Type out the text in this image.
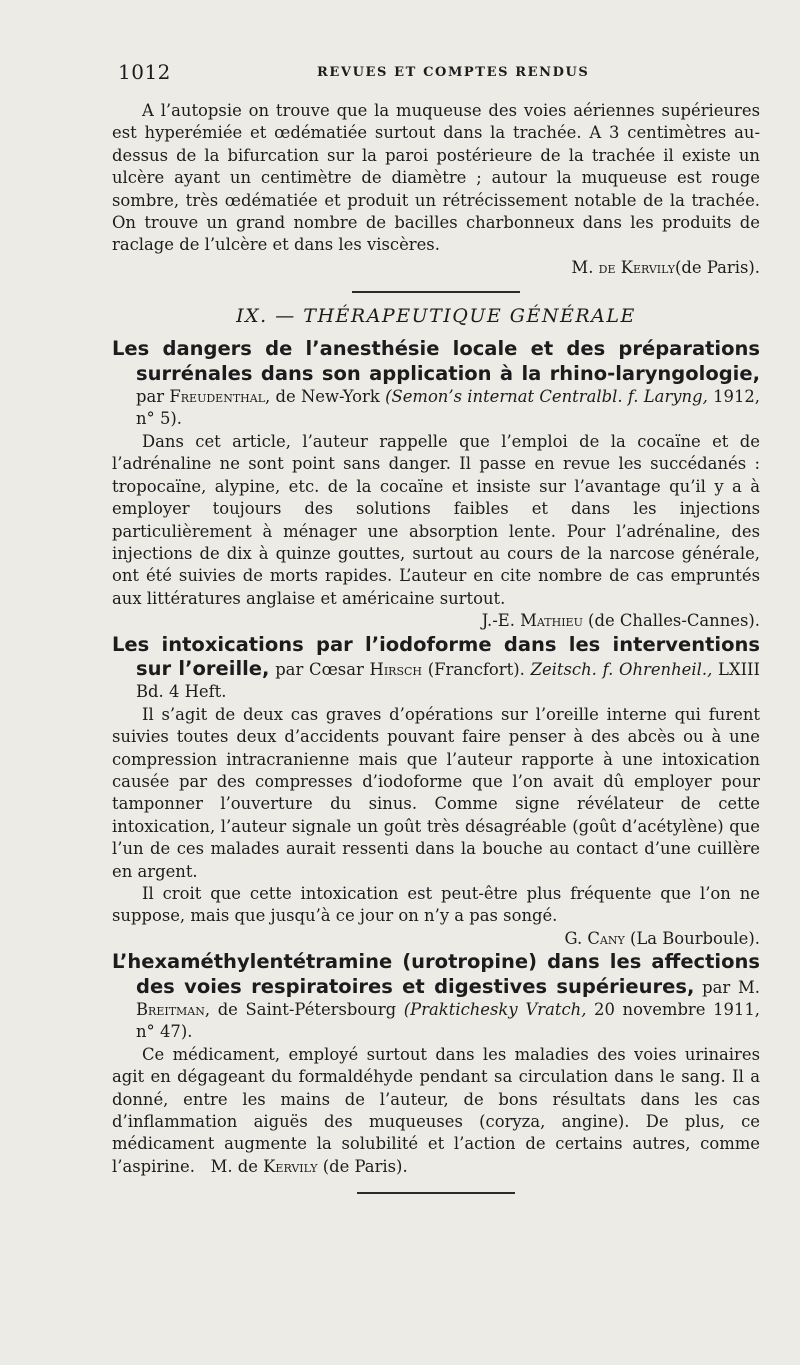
1012	REVUES ET COMPTES RENDUS

A l’autopsie on trouve que la muqueuse des voies aériennes supérieures est hyperémiée et œdématiée surtout dans la trachée. A 3 centimètres au-dessus de la bifurcation sur la paroi postérieure de la trachée il existe un ulcère ayant un centimètre de diamètre ; autour la muqueuse est rouge sombre, très œdématiée et produit un rétrécissement notable de la trachée. On trouve un grand nombre de bacilles charbonneux dans les produits de raclage de l’ulcère et dans les viscères.

M. de Kervily(de Paris).

IX. — THÉRAPEUTIQUE GÉNÉRALE
Les dangers de l’anesthésie locale et des préparations surrénales dans son application à la rhino-laryngologie, par Freudenthal, de New-York (Semon’s internat Centralbl. f. Laryng, 1912, n° 5).

Dans cet article, l’auteur rappelle que l’emploi de la cocaïne et de l’adrénaline ne sont point sans danger. Il passe en revue les succédanés : tropocaïne, alypine, etc. de la cocaïne et insiste sur l’avantage qu’il y a à employer toujours des solutions faibles et dans les injections particulièrement à ménager une absorption lente. Pour l’adrénaline, des injections de dix à quinze gouttes, surtout au cours de la narcose générale, ont été suivies de morts rapides. L’auteur en cite nombre de cas empruntés aux littératures anglaise et américaine surtout.

J.-E. Mathieu (de Challes-Cannes).

Les intoxications par l’iodoforme dans les interventions sur l’oreille, par Cœsar Hirsch (Francfort). Zeitsch. f. Ohrenheil., LXIII Bd. 4 Heft.

Il s’agit de deux cas graves d’opérations sur l’oreille interne qui furent suivies toutes deux d’accidents pouvant faire penser à des abcès ou à une compression intracranienne mais que l’auteur rapporte à une intoxication causée par des compresses d’iodoforme que l’on avait dû employer pour tamponner l’ouverture du sinus. Comme signe révélateur de cette intoxication, l’auteur signale un goût très désagréable (goût d’acétylène) que l’un de ces malades aurait ressenti dans la bouche au contact d’une cuillère en argent.

Il croit que cette intoxication est peut-être plus fréquente que l’on ne suppose, mais que jusqu’à ce jour on n’y a pas songé.

G. Cany (La Bourboule).

L’hexaméthylentétramine (urotropine) dans les affections des voies respiratoires et digestives supérieures, par M. Breitman, de Saint-Pétersbourg (Prakticheskу Vratch, 20 novembre 1911, n° 47).

Ce médicament, employé surtout dans les maladies des voies urinaires agit en dégageant du formaldéhyde pendant sa circulation dans le sang. Il a donné, entre les mains de l’auteur, de bons résultats dans les cas d’inflammation aiguës des muqueuses (coryza, angine). De plus, ce médicament augmente la solubilité et l’action de certains autres, comme l’aspirine. M. de Kervily (de Paris).
